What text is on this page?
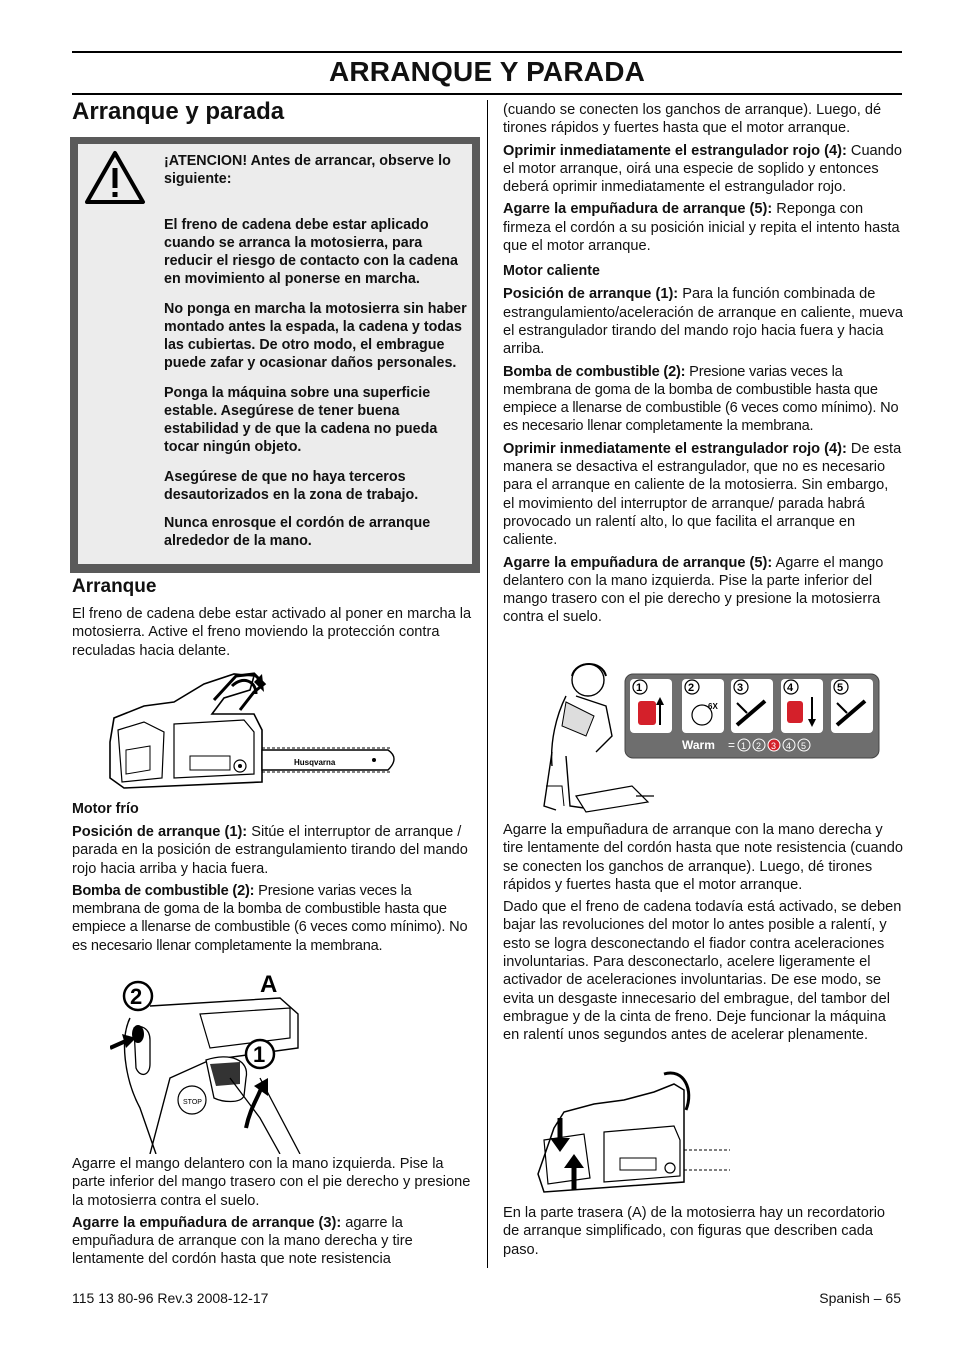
ARRANQUE Y PARADA
Arranque y parada

¡ATENCION! Antes de arrancar, observe lo siguiente:

El freno de cadena debe estar aplicado cuando se arranca la motosierra, para reducir el riesgo de contacto con la cadena en movimiento al ponerse en marcha.

No ponga en marcha la motosierra sin haber montado antes la espada, la cadena y todas las cubiertas. De otro modo, el embrague puede zafar y ocasionar daños personales.

Ponga la máquina sobre una superficie estable. Asegúrese de tener buena estabilidad y de que la cadena no pueda tocar ningún objeto.

Asegúrese de que no haya terceros desautorizados en la zona de trabajo.

Nunca enrosque el cordón de arranque alrededor de la mano.

Arranque

El freno de cadena debe estar activado al poner en marcha la motosierra. Active el freno moviendo la protección contra reculadas hacia delante.

Husqvarna

Motor frío

Posición de arranque (1): Sitúe el interruptor de arranque / parada en la posición de estrangulamiento tirando del mando rojo hacia arriba y hacia fuera.

Bomba de combustible (2): Presione varias veces la membrana de goma de la bomba de combustible hasta que empiece a llenarse de combustible (6 veces como mínimo). No es necesario llenar completamente la membrana.

STOP
2	A
1

Agarre el mango delantero con la mano izquierda. Pise la parte inferior del mango trasero con el pie derecho y presione la motosierra contra el suelo.

Agarre la empuñadura de arranque (3): agarre la empuñadura de arranque con la mano derecha y tire lentamente del cordón hasta que note resistencia

(cuando se conecten los ganchos de arranque). Luego, dé tirones rápidos y fuertes hasta que el motor arranque.

Oprimir inmediatamente el estrangulador rojo (4): Cuando el motor arranque, oirá una especie de soplido y entonces deberá oprimir inmediatamente el estrangulador rojo.

Agarre la empuñadura de arranque (5): Reponga con firmeza el cordón a su posición inicial y repita el intento hasta que el motor arranque.

Motor caliente

Posición de arranque (1): Para la función combinada de estrangulamiento/aceleración de arranque en caliente, mueva el estrangulador tirando del mando rojo hacia fuera y hacia arriba.

Bomba de combustible (2): Presione varias veces la membrana de goma de la bomba de combustible hasta que empiece a llenarse de combustible (6 veces como mínimo). No es necesario llenar completamente la membrana.

Oprimir inmediatamente el estrangulador rojo (4): De esta manera se desactiva el estrangulador, que no es necesario para el arranque en caliente de la motosierra. Sin embargo, el movimiento del interruptor de arranque/ parada habrá provocado un ralentí alto, lo que facilita el arranque en caliente.

Agarre la empuñadura de arranque (5): Agarre el mango delantero con la mano izquierda. Pise la parte inferior del mango trasero con el pie derecho y presione la motosierra contra el suelo.

1	2	3	4	5
6X
Warm = 1 2 3 4 5

Agarre la empuñadura de arranque con la mano derecha y tire lentamente del cordón hasta que note resistencia (cuando se conecten los ganchos de arranque). Luego, dé tirones rápidos y fuertes hasta que el motor arranque.

Dado que el freno de cadena todavía está activado, se deben bajar las revoluciones del motor lo antes posible a ralentí, y esto se logra desconectando el fiador contra aceleraciones involuntarias. Para desconectarlo, acelere ligeramente el activador de aceleraciones involuntarias. De ese modo, se evita un desgaste innecesario del embrague, del tambor del embrague y de la cinta de freno. Deje funcionar la máquina en ralentí unos segundos antes de acelerar plenamente.

En la parte trasera (A) de la motosierra hay un recordatorio de arranque simplificado, con figuras que describen cada paso.

115 13 80-96 Rev.3 2008-12-17	Spanish – 65
